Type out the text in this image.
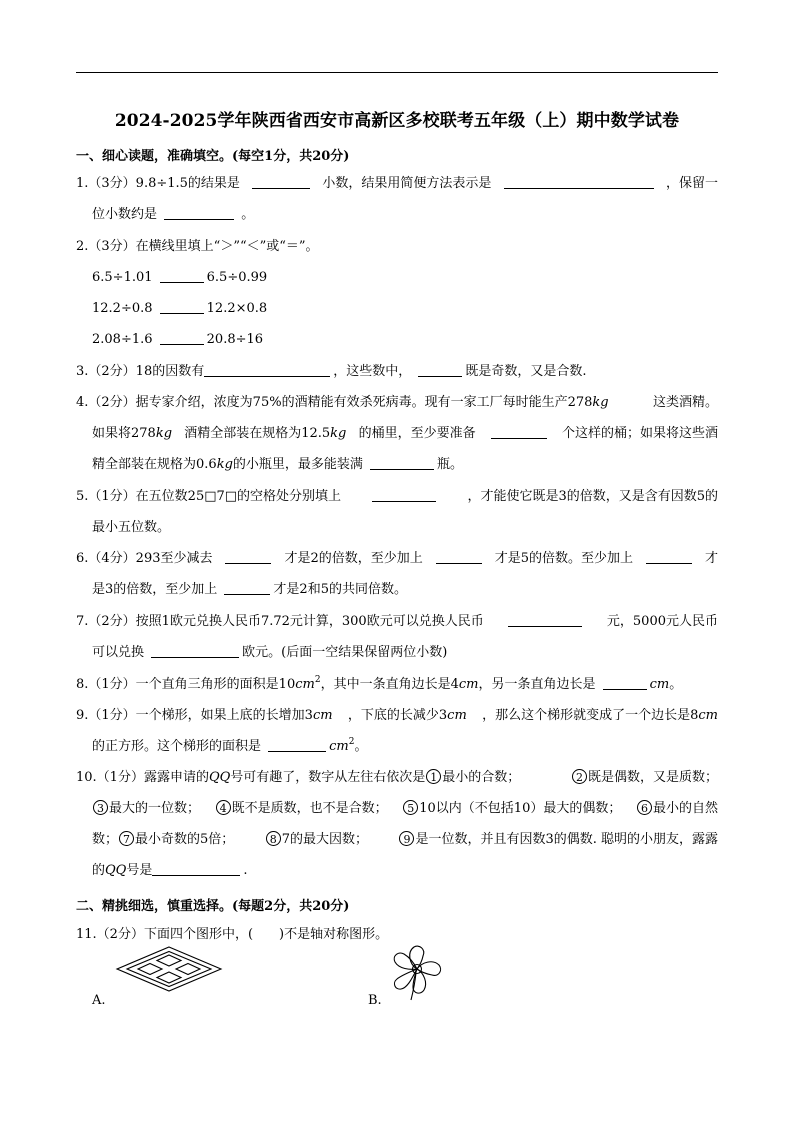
2024-2025学年陕西省西安市高新区多校联考五年级（上）期中数学试卷
一、细心读题，准确填空。(每空1分，共20分)
1.（3分）9.8÷1.5的结果是	小数，结果用简便方法表示是	，保留一
位小数约是	。
2.（3分）在横线里填上“＞”“＜”或“＝”。
6.5÷1.01	6.5÷0.99
12.2÷0.8	12.2×0.8
2.08÷1.6	20.8÷16
3.（2分）18的因数有	，这些数中，	既是奇数，又是合数.
4.（2分）据专家介绍，浓度为75%的酒精能有效杀死病毒。现有一家工厂每时能生产278kg	这类酒精。
如果将278kg 酒精全部装在规格为12.5kg 的桶里，至少要准备	个这样的桶；如果将这些酒
精全部装在规格为0.6kg的小瓶里，最多能装满	瓶。
5.（1分）在五位数25□7□的空格处分别填上	，才能使它既是3的倍数，又是含有因数5的
最小五位数。
6.（4分）293至少减去	才是2的倍数，至少加上	才是5的倍数。至少加上	才
是3的倍数，至少加上	才是2和5的共同倍数。
7.（2分）按照1欧元兑换人民币7.72元计算，300欧元可以兑换人民币	元，5000元人民币
可以兑换	欧元。(后面一空结果保留两位小数)
8.（1分）一个直角三角形的面积是$10cm^2$，其中一条直角边长是4cm，另一条直角边长是	cm。
9.（1分）一个梯形，如果上底的长增加3cm ，下底的长减少3cm ，那么这个梯形就变成了一个边长是8cm
的正方形。这个梯形的面积是	$cm^2$。
10.（1分）露露申请的QQ号可有趣了，数字从左往右依次是 1 最小的合数；	2 既是偶数，又是质数；
3 最大的一位数；	4 既不是质数，也不是合数；	5 10以内（不包括10）最大的偶数；	6 最小的自然
数； 7 最小奇数的5倍；	8 7的最大因数；	9 是一位数，并且有因数3的偶数. 聪明的小朋友，露露
的QQ号是	.
二、精挑细选，慎重选择。(每题2分，共20分)
11.（2分）下面四个图形中，(　　)不是轴对称图形。
A.	B.
